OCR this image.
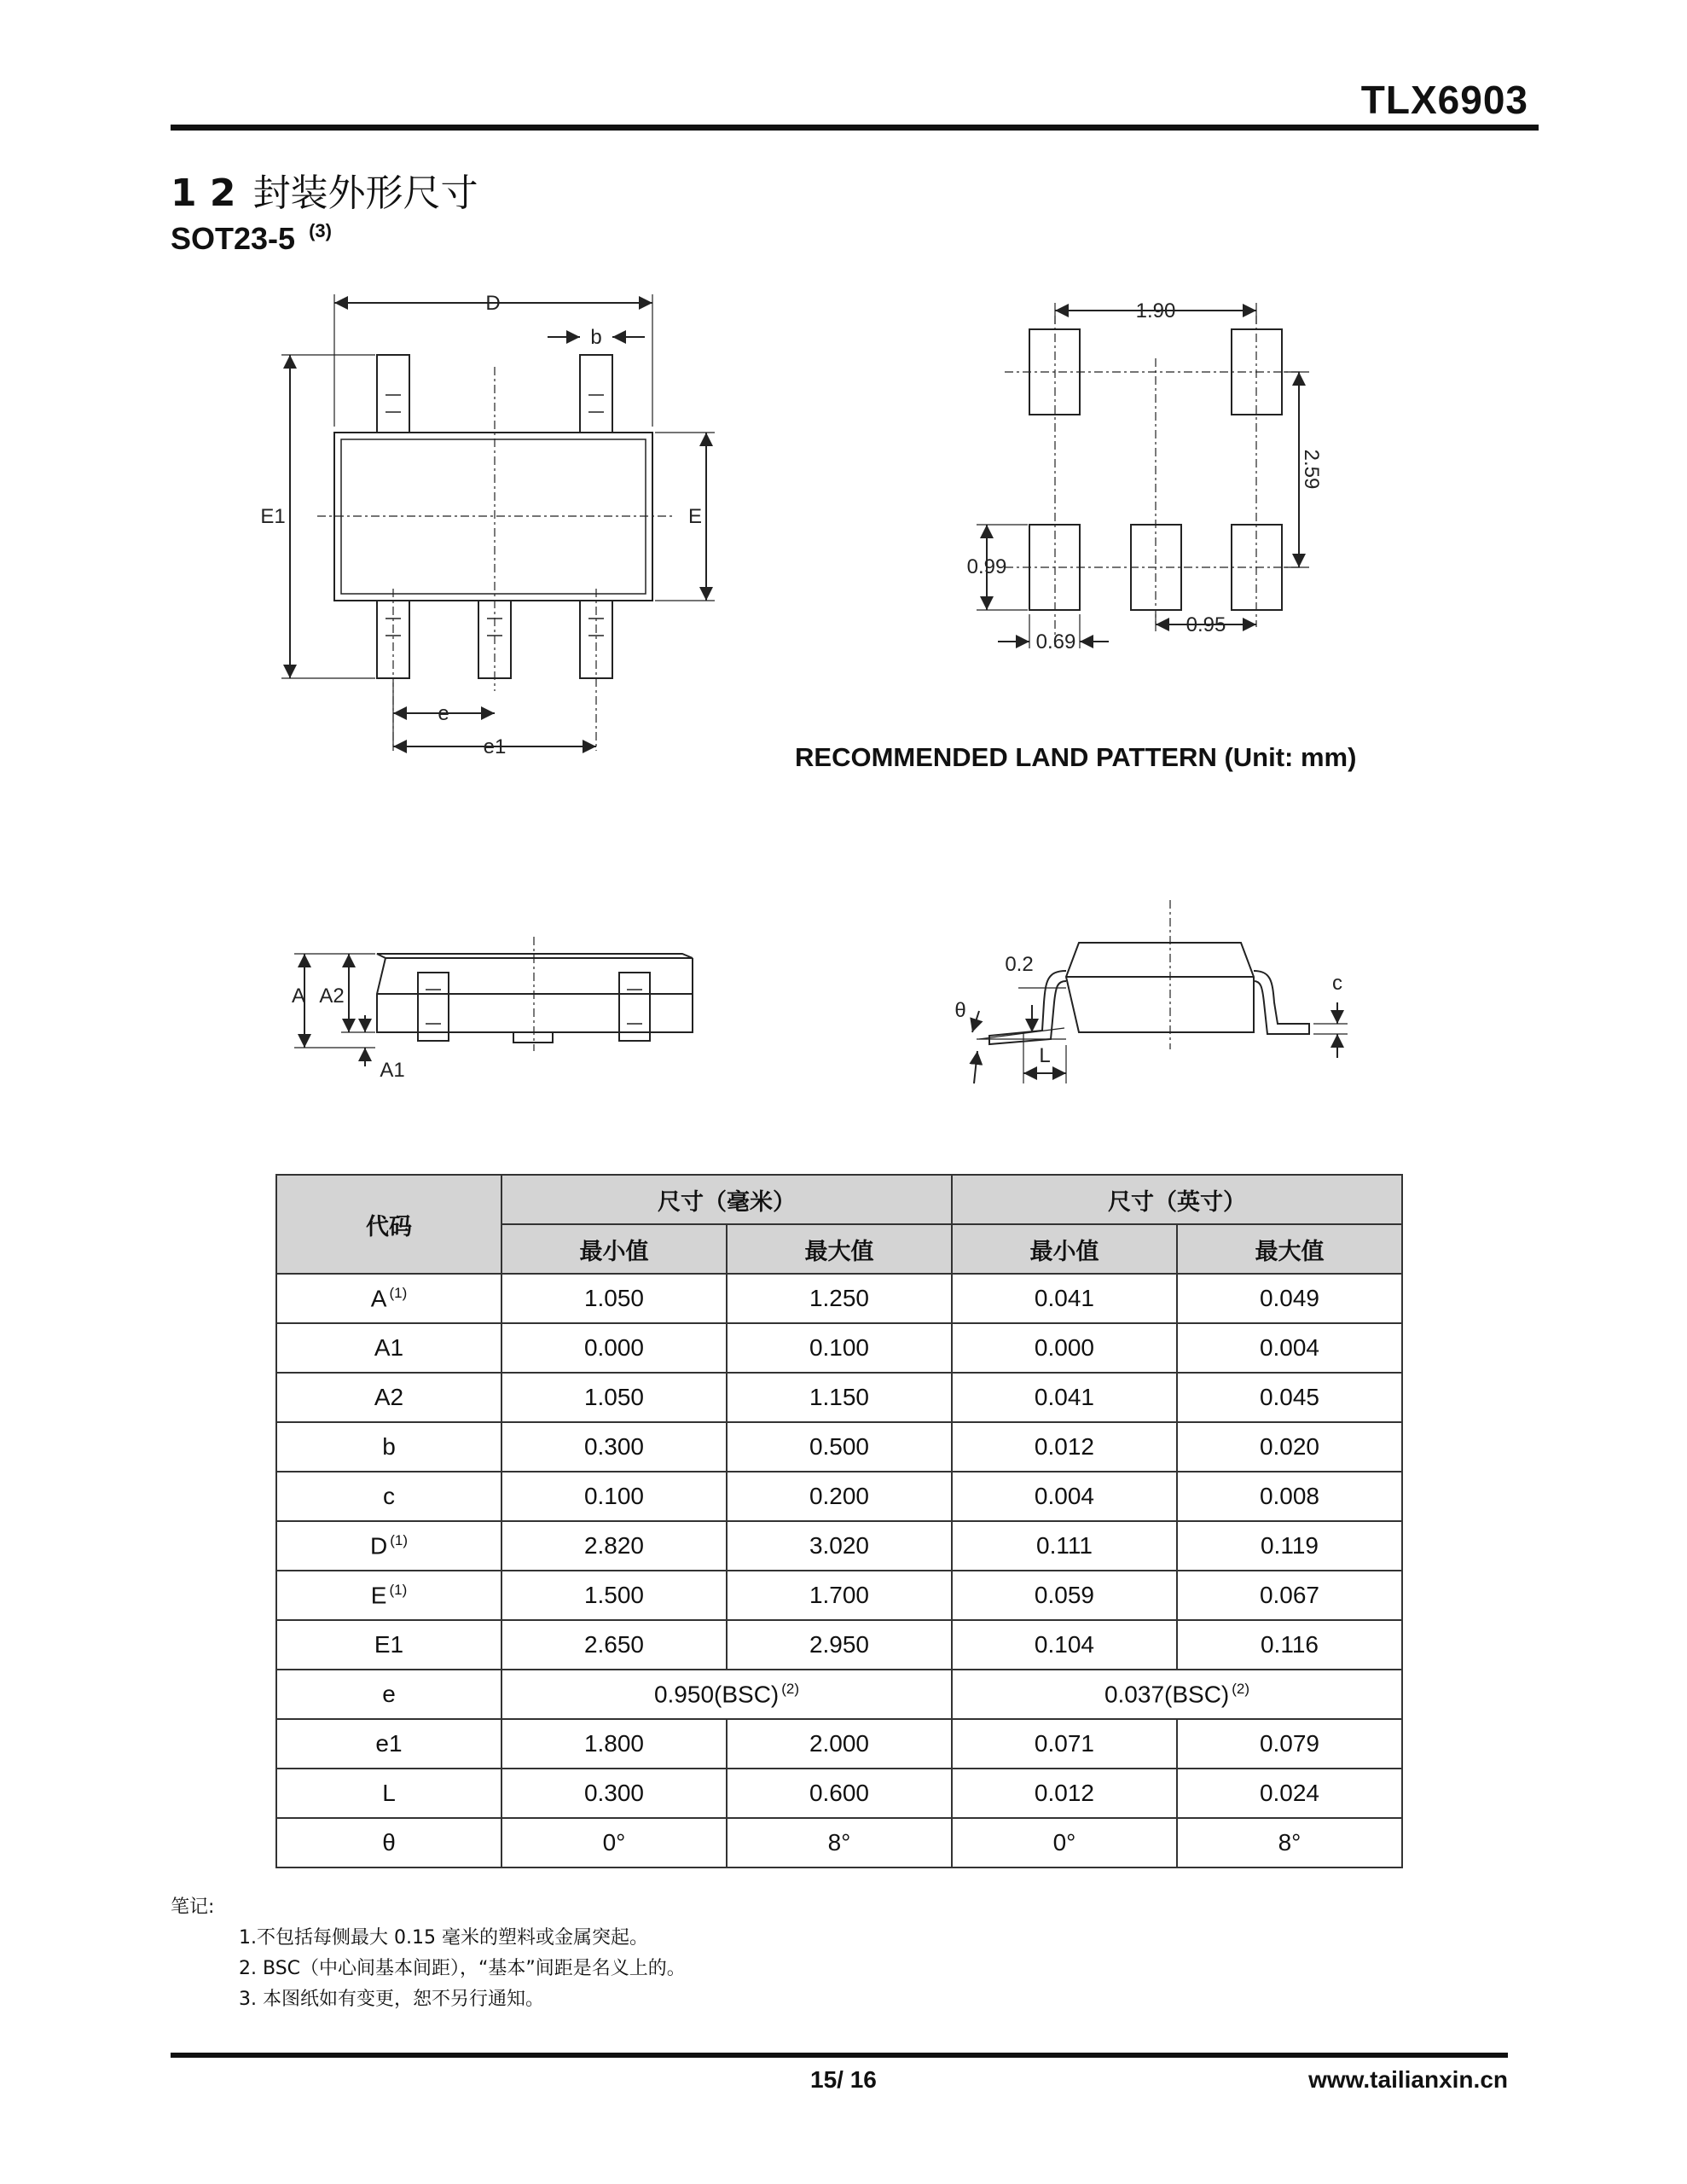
TLX6903
1 2 封装外形尺寸
SOT23-5 $^{(3)}$
D
b
E1	E
e
e1
1.90
2.59
0.99
0.69
0.95
A A2
A1
0.2
θ
L
c
RECOMMENDED LAND PATTERN (Unit: mm)
代码	尺寸（毫米）		尺寸（英寸）	
	最小值	最大值	最小值	最大值
A $^{(1)}$	1.050	1.250	0.041	0.049
A1	0.000	0.100	0.000	0.004
A2	1.050	1.150	0.041	0.045
b	0.300	0.500	0.012	0.020
c	0.100	0.200	0.004	0.008
D $^{(1)}$	2.820	3.020	0.111	0.119
E $^{(1)}$	1.500	1.700	0.059	0.067
E1	2.650	2.950	0.104	0.116
e	0.950(BSC) $^{(2)}$		0.037(BSC) $^{(2)}$
e1	1.800	2.000	0.071	0.079
L	0.300	0.600	0.012	0.024
θ	0°	8°	0°	8°
笔记:
1.不包括每侧最大 0.15 毫米的塑料或金属突起。
2. BSC（中心间基本间距），“基本”间距是名义上的。
3. 本图纸如有变更，恕不另行通知。
15/ 16	www.tailianxin.cn
